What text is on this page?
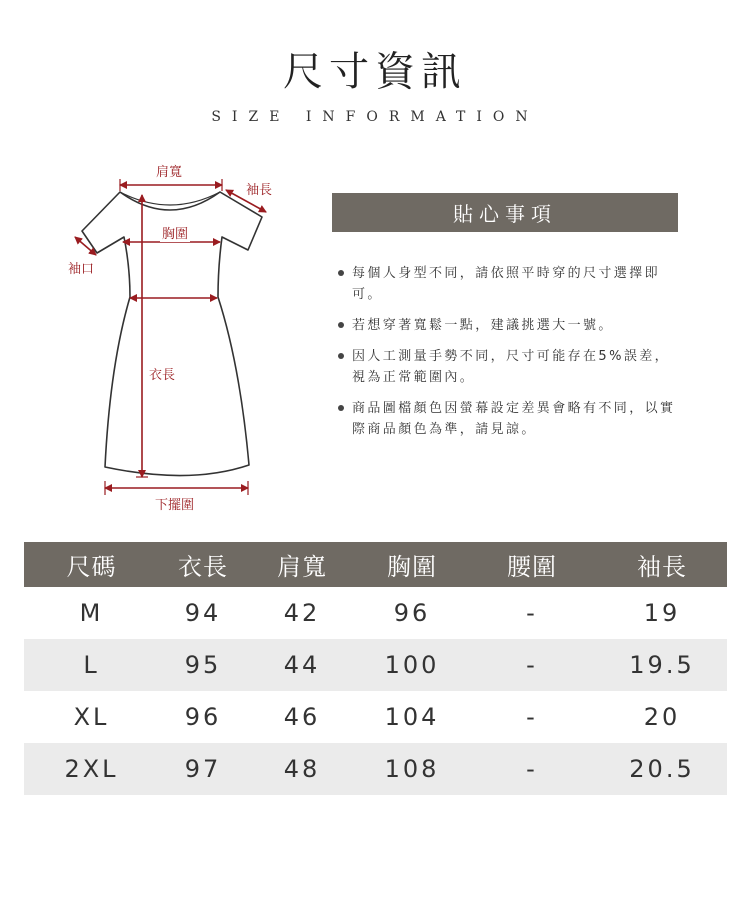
尺寸資訊
SIZE INFORMATION
肩寬
袖長
胸圍
袖口
衣長
下擺圍
貼心事項
每個人身型不同，請依照平時穿的尺寸選擇即可。
若想穿著寬鬆一點，建議挑選大一號。
因人工測量手勢不同，尺寸可能存在5%誤差，視為正常範圍內。
商品圖檔顏色因螢幕設定差異會略有不同，以實際商品顏色為準，請見諒。
尺碼	衣長	肩寬	胸圍	腰圍	袖長
M	94	42	96	-	19
L	95	44	100	-	19.5
XL	96	46	104	-	20
2XL	97	48	108	-	20.5
